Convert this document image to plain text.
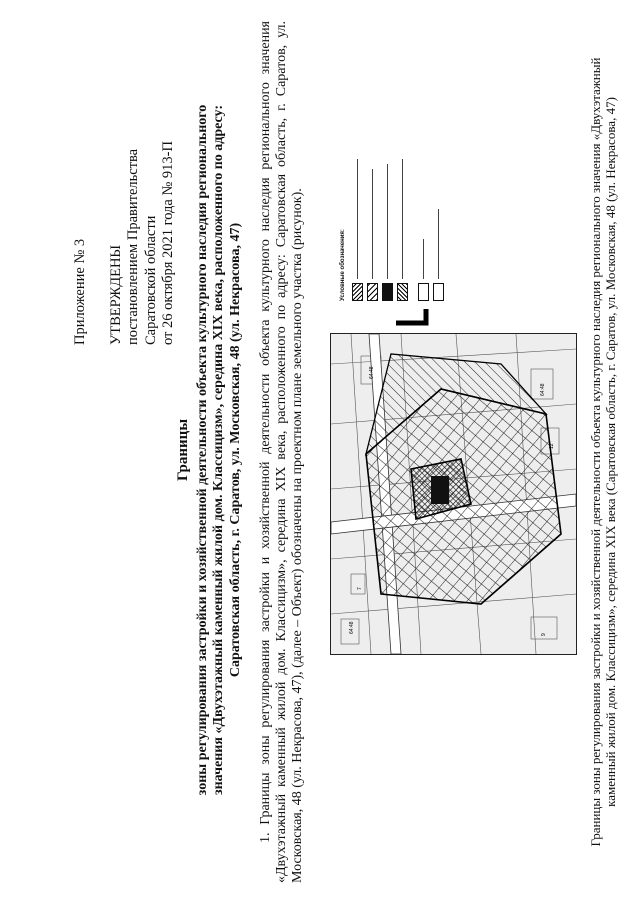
Приложение № 3 УТВЕРЖДЕНЫ постановлением Правительства Саратовской области от 26 октября 2021 года № 913-П
Границы зоны регулирования застройки и хозяйственной деятельности объекта культурного наследия регионального значения «Двухэтажный каменный жилой дом. Классицизм», середина XIX века, расположенного по адресу: Саратовская область, г. Саратов, ул. Московская, 48 (ул. Некрасова, 47) 1. Границы зоны регулирования застройки и хозяйственной деятельности объекта культурного наследия регионального значения «Двухэтажный каменный жилой дом. Классицизм», середина XIX века, расположенного по адресу: Саратовская область, г. Саратов, ул. Московская, 48 (ул. Некрасова, 47), (далее – Объект) обозначены на проектном плане земельного участка (рисунок).	64:48
64:48
64:48
12
7
9
Условные обозначения:	Границы зоны регулирования застройки и хозяйственной деятельности объекта культурного наследия регионального значения «Двухэтажный каменный жилой дом. Классицизм», середина XIX века (Саратовская область, г. Саратов, ул. Московская, 48 (ул. Некрасова, 47)
